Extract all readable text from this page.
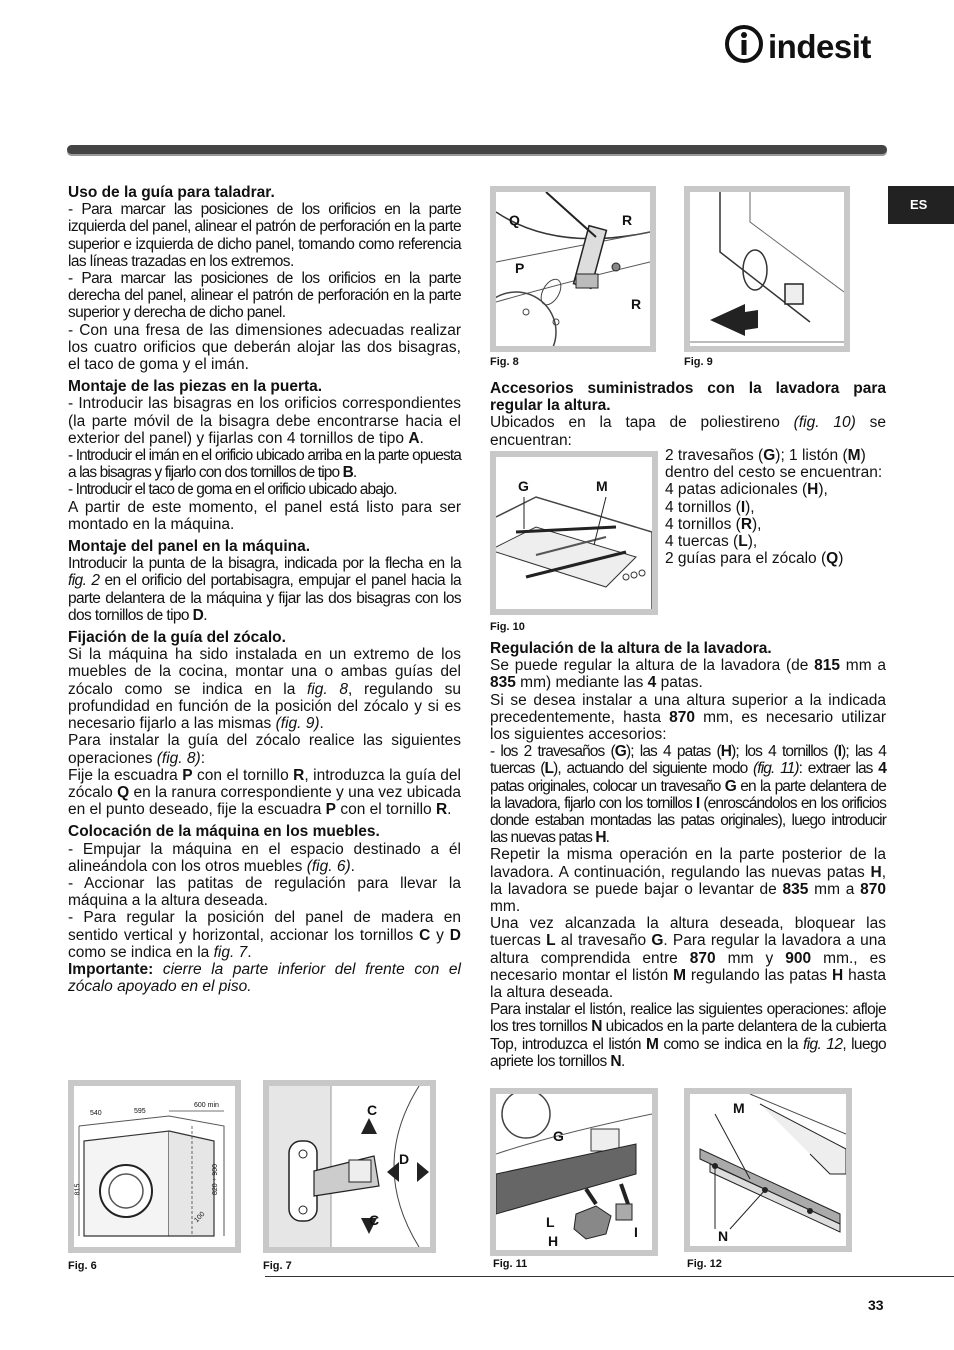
indesit
ES
Uso de la guía para taladrar.

- Para marcar las posiciones de los orificios en la parte izquierda del panel, alinear el patrón de perforación en la parte superior e izquierda de dicho panel, tomando como referencia las líneas trazadas en los extremos.

- Para marcar las posiciones de los orificios en la parte derecha del panel, alinear el patrón de perforación en la parte superior y derecha de dicho panel.

- Con una fresa de las dimensiones adecuadas realizar los cuatro orificios que deberán alojar las dos bisagras, el taco de goma y el imán.

Montaje de las piezas en la puerta.

- Introducir las bisagras en los orificios correspondientes (la parte móvil de la bisagra debe encontrarse hacia el exterior del panel) y fijarlas con 4 tornillos de tipo A.

- Introducir el imán en el orificio ubicado arriba en la parte opuesta a las bisagras y fijarlo con dos tornillos de tipo B.

- Introducir el taco de goma en el orificio ubicado abajo.

A partir de este momento, el panel está listo para ser montado en la máquina.

Montaje del panel en la máquina.

Introducir la punta de la bisagra, indicada por la flecha en la fig. 2 en el orificio del portabisagra, empujar el panel hacia la parte delantera de la máquina y fijar las dos bisagras con los dos tornillos de tipo D.

Fijación de la guía del zócalo.

Si la máquina ha sido instalada en un extremo de los muebles de la cocina, montar una o ambas guías del zócalo como se indica en la fig. 8, regulando su profundidad en función de la posición del zócalo y si es necesario fijarlo a las mismas (fig. 9).

Para instalar la guía del zócalo realice las siguientes operaciones (fig. 8):

Fije la escuadra P con el tornillo R, introduzca la guía del zócalo Q en la ranura correspondiente y una vez ubicada en el punto deseado, fije la escuadra P con el tornillo R.

Colocación de la máquina en los muebles.

- Empujar la máquina en el espacio destinado a él alineándola con los otros muebles (fig. 6).

- Accionar las patitas de regulación para llevar la máquina a la altura deseada.

- Para regular la posición del panel de madera en sentido vertical y horizontal, accionar los tornillos C y D como se indica en la fig. 7.

Importante: cierre la parte inferior del frente con el zócalo apoyado en el piso.

Q	R
P
R
Fig. 8	Fig. 9
Accesorios suministrados con la lavadora para regular la altura.

Ubicados en la tapa de poliestireno (fig. 10) se encuentran:

G	M
Fig. 10
2 travesaños (G); 1 listón (M)
dentro del cesto se encuentran:
4 patas adicionales (H),
4 tornillos (I),
4 tornillos (R),
4 tuercas (L),
2 guías para el zócalo (Q)
Regulación de la altura de la lavadora.

Se puede regular la altura de la lavadora (de 815 mm a 835 mm) mediante las 4 patas.

Si se desea instalar a una altura superior a la indicada precedentemente, hasta 870 mm, es necesario utilizar los siguientes accesorios:

- los 2 travesaños (G); las 4 patas (H); los 4 tornillos (I); las 4 tuercas (L), actuando del siguiente modo (fig. 11): extraer las 4 patas originales, colocar un travesaño G en la parte delantera de la lavadora, fijarlo con los tornillos I (enroscándolos en los orificios donde estaban montadas las patas originales), luego introducir las nuevas patas H.

Repetir la misma operación en la parte posterior de la lavadora. A continuación, regulando las nuevas patas H, la lavadora se puede bajar o levantar de 835 mm a 870 mm.

Una vez alcanzada la altura deseada, bloquear las tuercas L al travesaño G. Para regular la lavadora a una altura comprendida entre 870 mm y 900 mm., es necesario montar el listón M regulando las patas H hasta la altura deseada.

Para instalar el listón, realice las siguientes operaciones: afloje los tres tornillos N ubicados en la parte delantera de la cubierta Top, introduzca el listón M como se indica en la fig. 12, luego apriete los tornillos N.

540	595
600 min
815	820 ÷ 900
100
Fig. 6
C
D
C
Fig. 7
G
L
H
I
Fig. 11
M
N
Fig. 12
33
